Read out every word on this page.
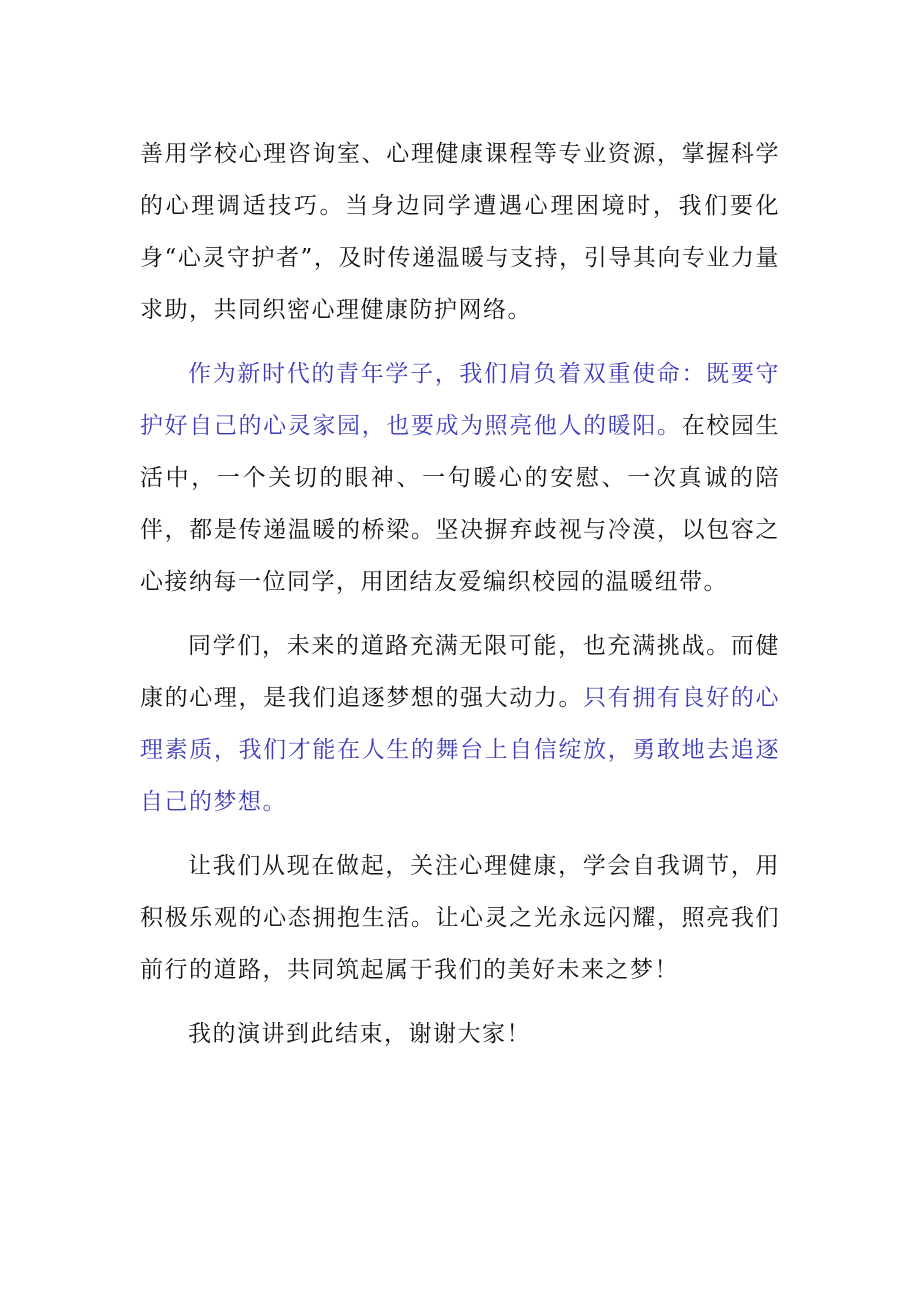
善用学校心理咨询室、心理健康课程等专业资源，掌握科学的心理调适技巧。当身边同学遭遇心理困境时，我们要化身“心灵守护者”，及时传递温暖与支持，引导其向专业力量求助，共同织密心理健康防护网络。

作为新时代的青年学子，我们肩负着双重使命：既要守护好自己的心灵家园，也要成为照亮他人的暖阳。在校园生活中，一个关切的眼神、一句暖心的安慰、一次真诚的陪伴，都是传递温暖的桥梁。坚决摒弃歧视与冷漠，以包容之心接纳每一位同学，用团结友爱编织校园的温暖纽带。

同学们，未来的道路充满无限可能，也充满挑战。而健康的心理，是我们追逐梦想的强大动力。只有拥有良好的心理素质，我们才能在人生的舞台上自信绽放，勇敢地去追逐自己的梦想。

让我们从现在做起，关注心理健康，学会自我调节，用积极乐观的心态拥抱生活。让心灵之光永远闪耀，照亮我们前行的道路，共同筑起属于我们的美好未来之梦！

我的演讲到此结束，谢谢大家！
